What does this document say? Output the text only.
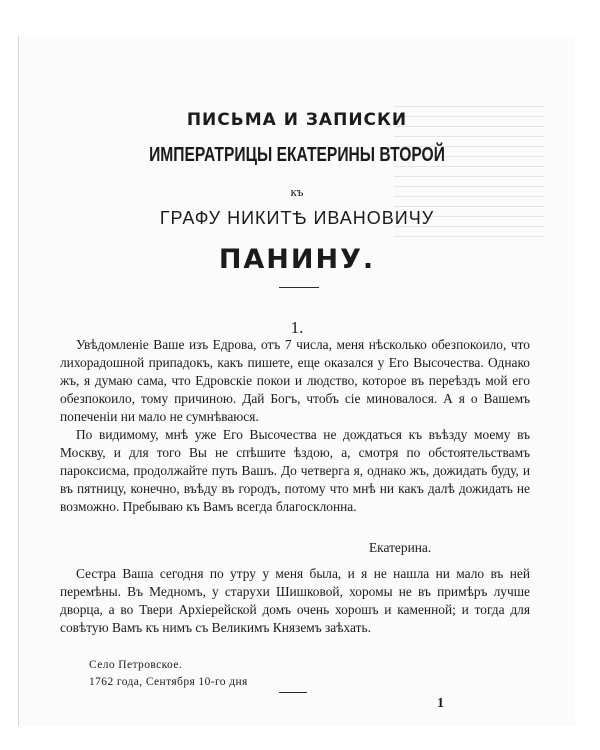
ПИСЬМА И ЗАПИСКИ
ИМПЕРАТРИЦЫ ЕКАТЕРИНЫ ВТОРОЙ
къ
ГРАФУ НИКИТѢ ИВАНОВИЧУ
ПАНИНУ.
1.

Увѣдомленіе Ваше изъ Едрова, отъ 7 числа, меня нѣсколько обезпокоило, что лихорадошной припадокъ, какъ пишете, еще оказался у Его Высочества. Однако жъ, я думаю сама, что Едровскіе покои и людство, которое въ переѣздъ мой его обезпокоило, тому причиною. Дай Богъ, чтобъ сіе миновалося. А я о Вашемъ попеченіи ни мало не сумнѣваюся.

По видимому, мнѣ уже Его Высочества не дождаться къ въѣзду моему въ Москву, и для того Вы не спѣшите ѣздою, а, смотря по обстоятельствамъ пароксисма, продолжайте путь Вашъ. До четверга я, однако жъ, дожидать буду, и въ пятницу, конечно, въѣду въ городъ, потому что мнѣ ни какъ далѣ дожидать не возможно. Пребываю къ Вамъ всегда благосклонна.

Екатерина.

Сестра Ваша сегодня по утру у меня была, и я не нашла ни мало въ ней перемѣны. Въ Медномъ, у старухи Шишковой, хоромы не въ примѣръ лучше дворца, а во Твери Архіерейской домъ очень хорошъ и каменной; и тогда для совѣтую Вамъ къ нимъ съ Великимъ Княземъ заѣхать.

Село Петровское.
1762 года, Сентября 10-го дня
1
